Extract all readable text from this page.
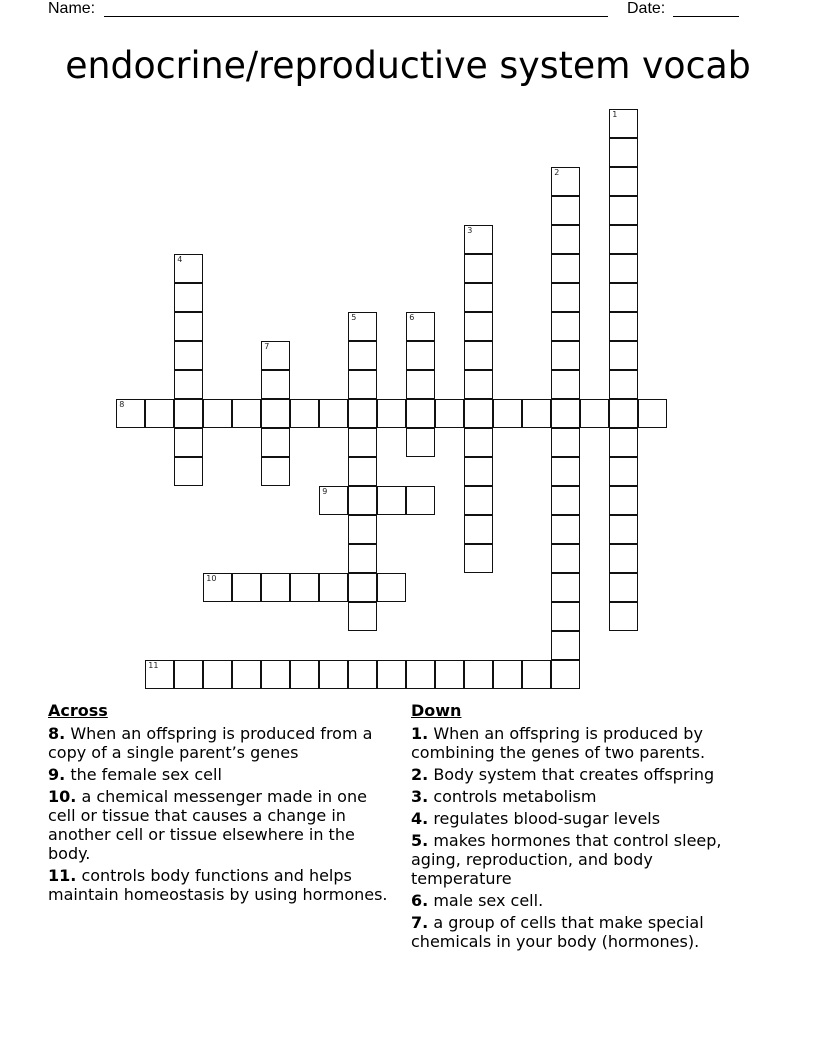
Name:	Date:
endocrine/reproductive system vocab
1
2
3
4
5	6
7
8
9
10
11
Across
8. When an offspring is produced from a copy of a single parent’s genes
9. the female sex cell
10. a chemical messenger made in one cell or tissue that causes a change in another cell or tissue elsewhere in the body.
11. controls body functions and helps maintain homeostasis by using hormones.
Down
1. When an offspring is produced by combining the genes of two parents.
2. Body system that creates offspring
3. controls metabolism
4. regulates blood-sugar levels
5. makes hormones that control sleep, aging, reproduction, and body temperature
6. male sex cell.
7. a group of cells that make special chemicals in your body (hormones).
